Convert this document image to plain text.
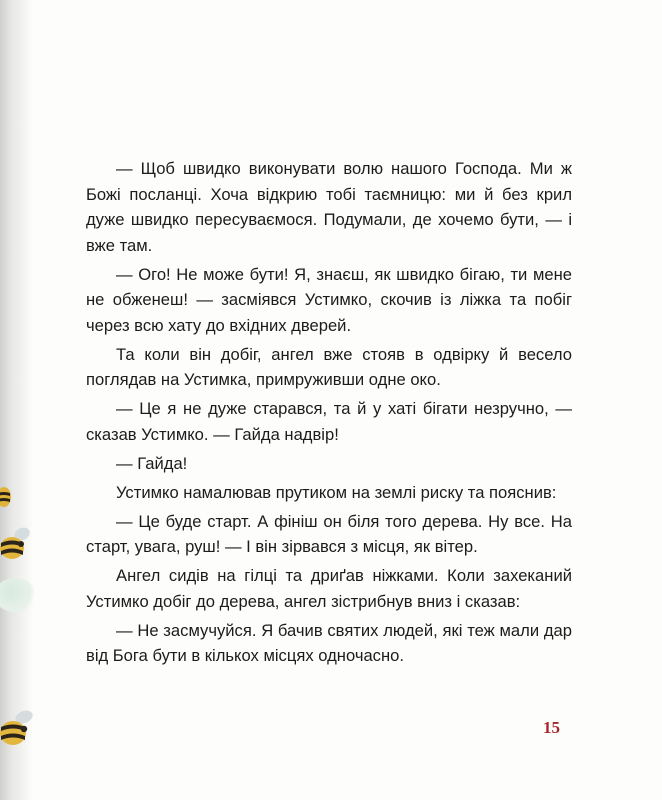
— Щоб швидко виконувати волю нашого Господа. Ми ж Божі посланці. Хоча відкрию тобі таємницю: ми й без крил дуже швидко пересуваємося. Подумали, де хочемо бути, — і вже там.

— Ого! Не може бути! Я, знаєш, як швидко бігаю, ти мене не обженеш! — засміявся Устимко, скочив із ліжка та побіг через всю хату до вхідних дверей.

Та коли він добіг, ангел вже стояв в одвірку й весело поглядав на Устимка, примруживши одне око.

— Це я не дуже старався, та й у хаті бігати незручно, — сказав Устимко. — Гайда надвір!

— Гайда!

Устимко намалював прутиком на землі риску та пояснив:

— Це буде старт. А фініш он біля того дерева. Ну все. На старт, увага, руш! — І він зірвався з місця, як вітер.

Ангел сидів на гілці та дриґав ніжками. Коли захеканий Устимко добіг до дерева, ангел зістрибнув вниз і сказав:

— Не засмучуйся. Я бачив святих людей, які теж мали дар від Бога бути в кількох місцях одночасно.

15
